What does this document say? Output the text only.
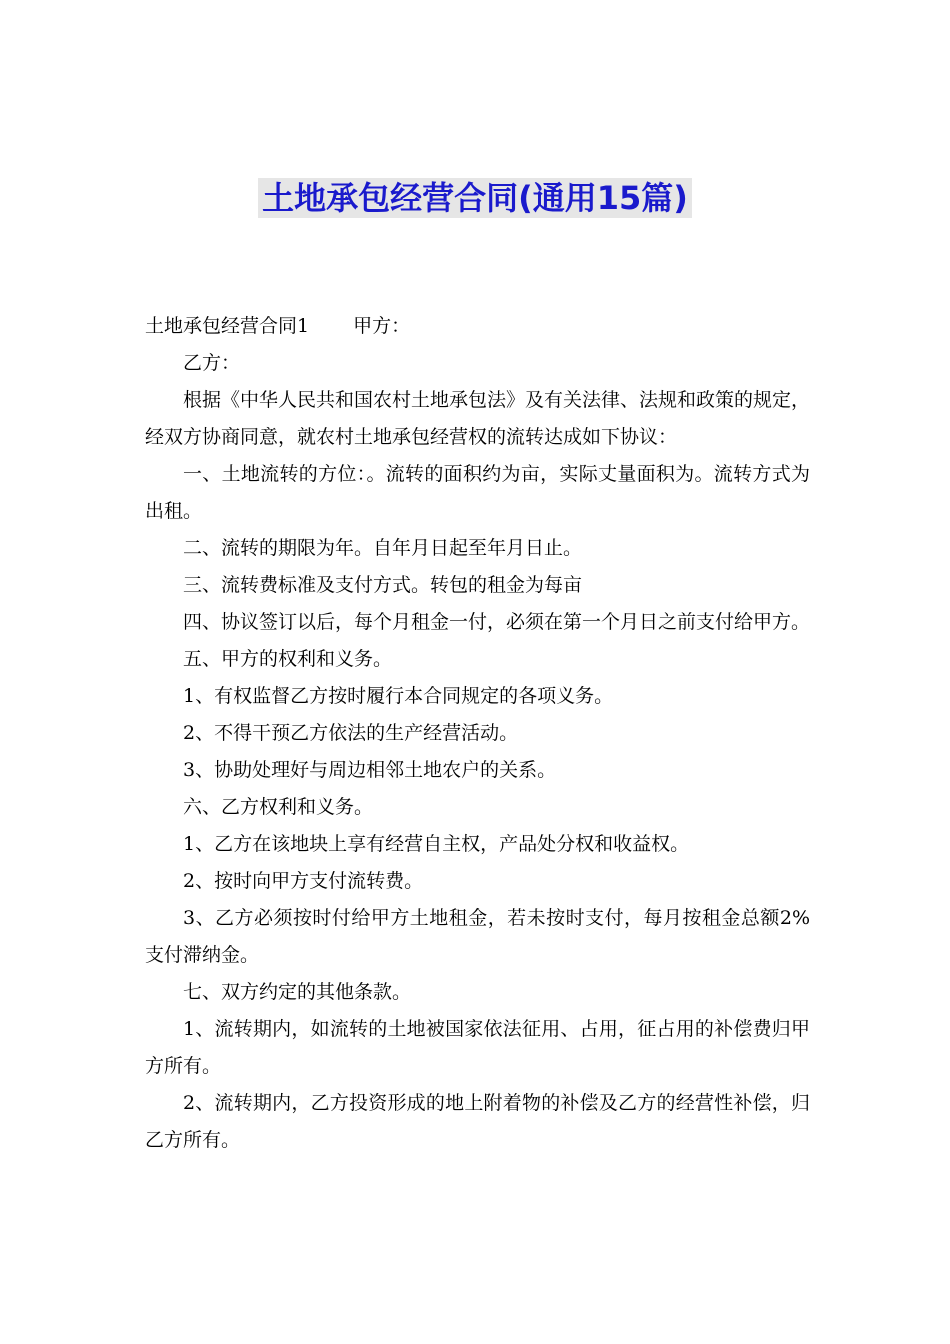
土地承包经营合同(通用15篇)

土地承包经营合同1 甲方：

乙方：

根据《中华人民共和国农村土地承包法》及有关法律、法规和政策的规定，经双方协商同意，就农村土地承包经营权的流转达成如下协议：

一、土地流转的方位：。流转的面积约为亩，实际丈量面积为。流转方式为出租。

二、流转的期限为年。自年月日起至年月日止。

三、流转费标准及支付方式。转包的租金为每亩

四、协议签订以后，每个月租金一付，必须在第一个月日之前支付给甲方。

五、甲方的权利和义务。

1、有权监督乙方按时履行本合同规定的各项义务。

2、不得干预乙方依法的生产经营活动。

3、协助处理好与周边相邻土地农户的关系。

六、乙方权利和义务。

1、乙方在该地块上享有经营自主权，产品处分权和收益权。

2、按时向甲方支付流转费。

3、乙方必须按时付给甲方土地租金，若未按时支付，每月按租金总额2%支付滞纳金。

七、双方约定的其他条款。

1、流转期内，如流转的土地被国家依法征用、占用，征占用的补偿费归甲方所有。

2、流转期内，乙方投资形成的地上附着物的补偿及乙方的经营性补偿，归乙方所有。
